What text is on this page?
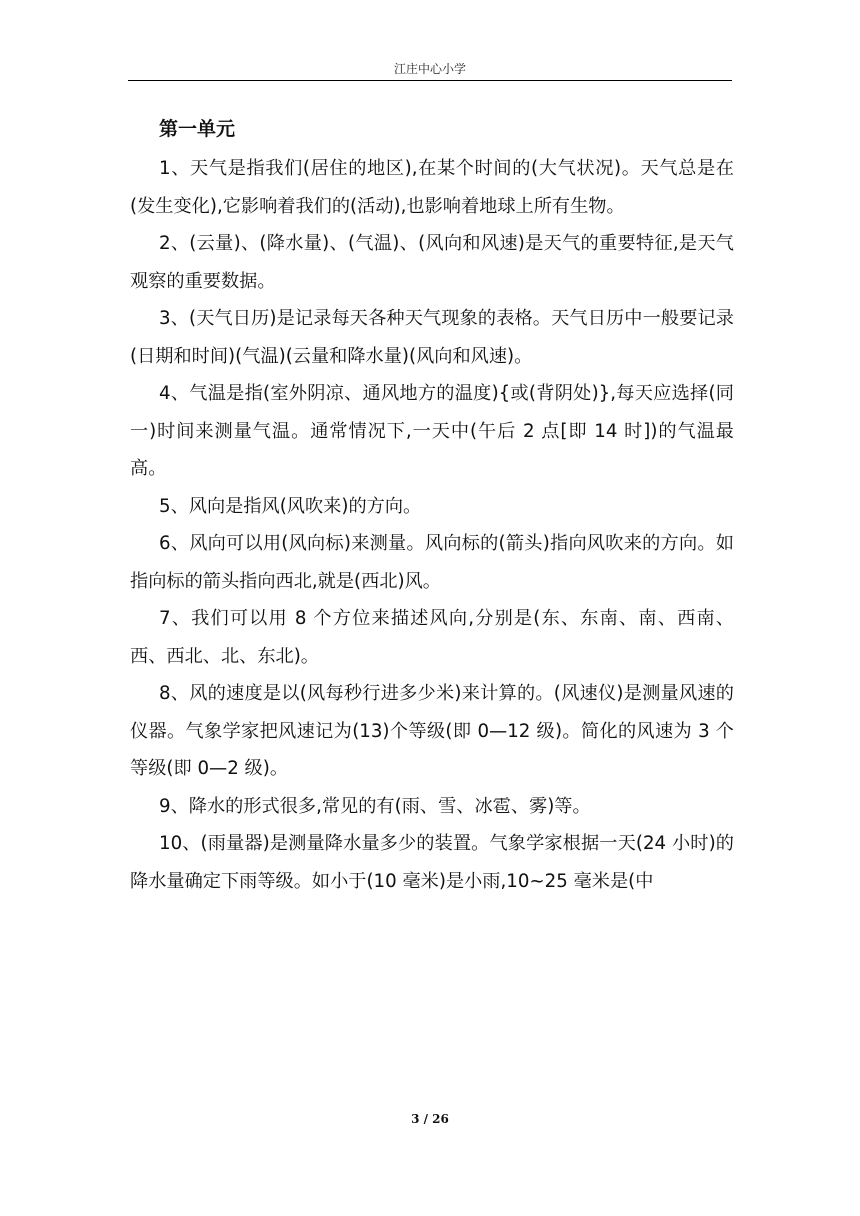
江庄中心小学
第一单元

1、天气是指我们(居住的地区),在某个时间的(大气状况)。天气总是在(发生变化),它影响着我们的(活动),也影响着地球上所有生物。

2、(云量)、(降水量)、(气温)、(风向和风速)是天气的重要特征,是天气观察的重要数据。

3、(天气日历)是记录每天各种天气现象的表格。天气日历中一般要记录(日期和时间)(气温)(云量和降水量)(风向和风速)。

4、气温是指(室外阴凉、通风地方的温度){或(背阴处)},每天应选择(同一)时间来测量气温。通常情况下,一天中(午后 2 点[即 14 时])的气温最高。

5、风向是指风(风吹来)的方向。

6、风向可以用(风向标)来测量。风向标的(箭头)指向风吹来的方向。如指向标的箭头指向西北,就是(西北)风。

7、我们可以用 8 个方位来描述风向,分别是(东、东南、南、西南、西、西北、北、东北)。

8、风的速度是以(风每秒行进多少米)来计算的。(风速仪)是测量风速的仪器。气象学家把风速记为(13)个等级(即 0—12 级)。简化的风速为 3 个等级(即 0—2 级)。

9、降水的形式很多,常见的有(雨、雪、冰雹、雾)等。

10、(雨量器)是测量降水量多少的装置。气象学家根据一天(24 小时)的降水量确定下雨等级。如小于(10 毫米)是小雨,10~25 毫米是(中

3 / 26
